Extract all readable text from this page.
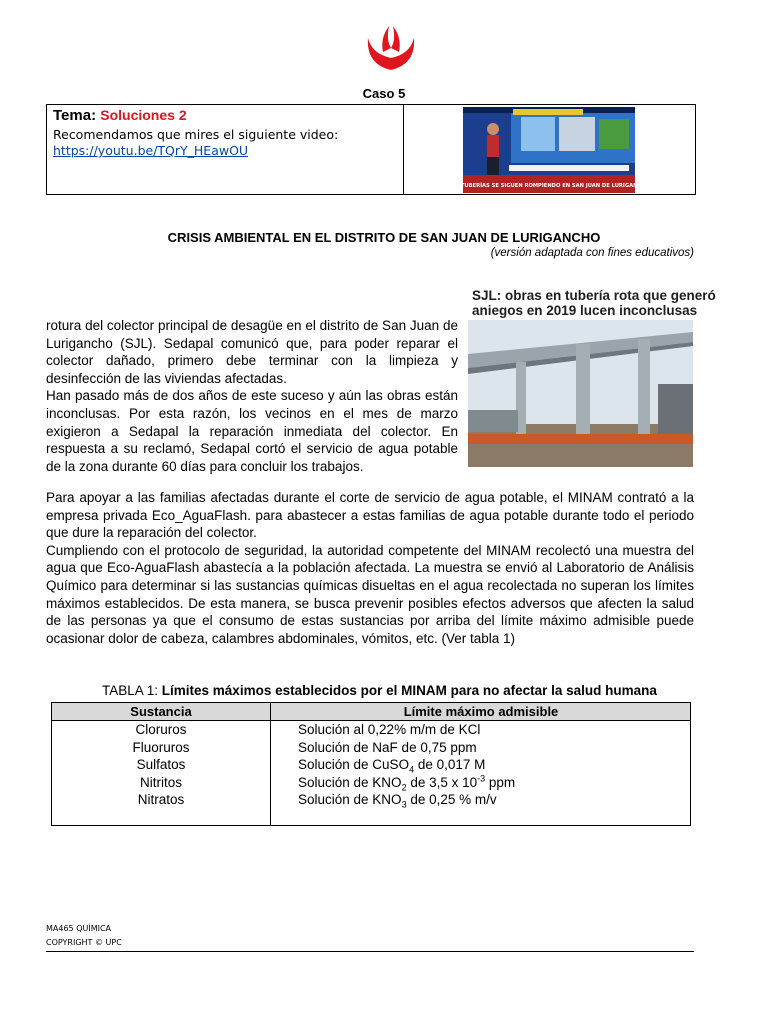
Caso 5
Tema: Soluciones 2
Recomendamos que mires el siguiente video:
https://youtu.be/TQrY_HEawOU
LAS TUBERÍAS SE SIGUEN ROMPIENDO EN SAN JUAN DE LURIGANCHO
CRISIS AMBIENTAL EN EL DISTRITO DE SAN JUAN DE LURIGANCHO
(versión adaptada con fines educativos)
SJL: obras en tubería rota que generó
aniegos en 2019 lucen inconclusas
rotura del colector principal de desagüe en el distrito de San Juan de Lurigancho (SJL). Sedapal comunicó que, para poder reparar el colector dañado, primero debe terminar con la limpieza y desinfección de las viviendas afectadas.
Han pasado más de dos años de este suceso y aún las obras están inconclusas. Por esta razón, los vecinos en el mes de marzo exigieron a Sedapal la reparación inmediata del colector. En respuesta a su reclamó, Sedapal cortó el servicio de agua potable de la zona durante 60 días para concluir los trabajos.
Para apoyar a las familias afectadas durante el corte de servicio de agua potable, el MINAM contrató a la empresa privada Eco_AguaFlash. para abastecer a estas familias de agua potable durante todo el periodo que dure la reparación del colector.
Cumpliendo con el protocolo de seguridad, la autoridad competente del MINAM recolectó una muestra del agua que Eco-AguaFlash abastecía a la población afectada. La muestra se envió al Laboratorio de Análisis Químico para determinar si las sustancias químicas disueltas en el agua recolectada no superan los límites máximos establecidos. De esta manera, se busca prevenir posibles efectos adversos que afecten la salud de las personas ya que el consumo de estas sustancias por arriba del límite máximo admisible puede ocasionar dolor de cabeza, calambres abdominales, vómitos, etc. (Ver tabla 1)
TABLA 1: Límites máximos establecidos por el MINAM para no afectar la salud humana
Sustancia	Límite máximo admisible
Cloruros	Solución al 0,22% m/m de KCl
Fluoruros	Solución de NaF de 0,75 ppm
Sulfatos	Solución de CuSO$_4$ de 0,017 M
Nitritos	Solución de $KNO_2$ de 3,5 x $10^{-3}$ ppm
Nitratos	Solución de $KNO_3$ de 0,25 % m/v
MA465 QUÍMICA
COPYRIGHT © UPC
